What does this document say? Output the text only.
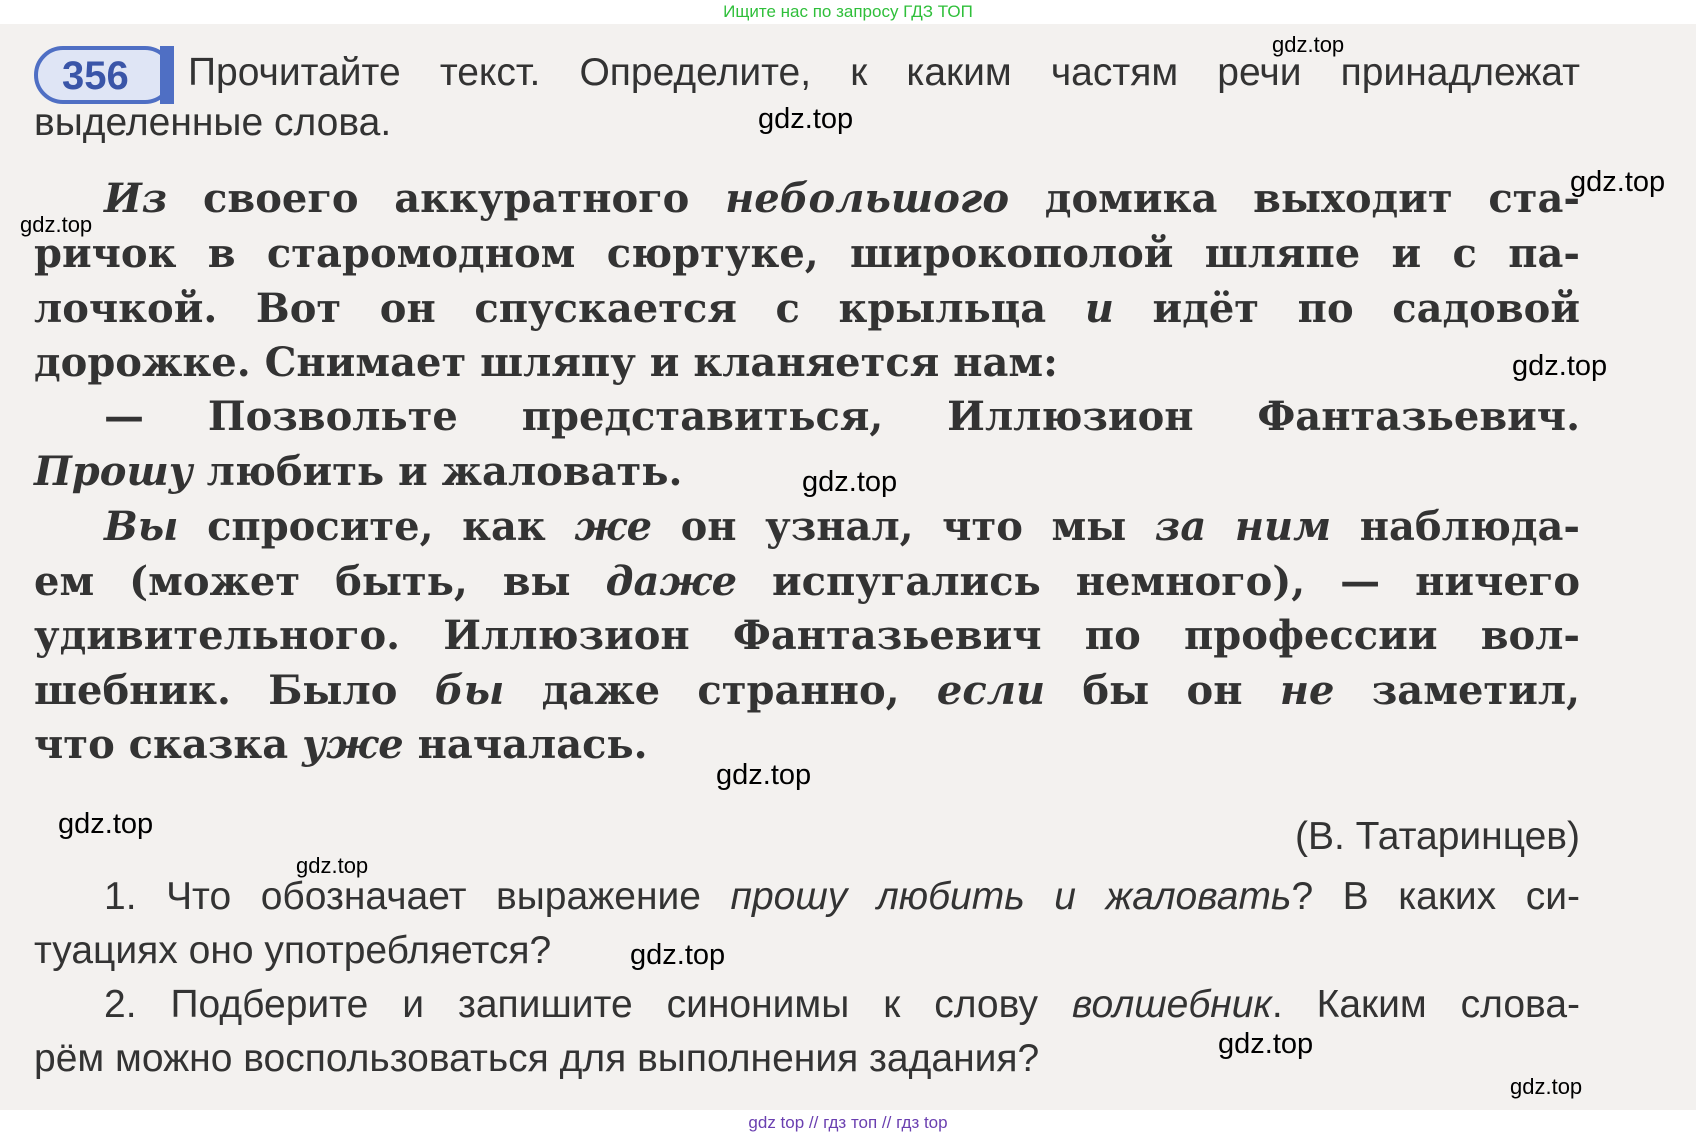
Ищите нас по запросу ГДЗ ТОП
356 Прочитайте текст. Определите, к каким частям речи принадлежат
выделенные слова.
Из своего аккуратного небольшого домика выходит ста-
ричок в старомодном сюртуке, широкополой шляпе и с па-
лочкой. Вот он спускается с крыльца и идёт по садовой
дорожке. Снимает шляпу и кланяется нам:
— Позвольте представиться, Иллюзион Фантазьевич.
Прошу любить и жаловать.
Вы спросите, как же он узнал, что мы за ним наблюда-
ем (может быть, вы даже испугались немного), — ничего
удивительного. Иллюзион Фантазьевич по профессии вол-
шебник. Было бы даже странно, если бы он не заметил,
что сказка уже началась.
(В. Татаринцев)
1. Что обозначает выражение прошу любить и жаловать? В каких си-
туациях оно употребляется?
2. Подберите и запишите синонимы к слову волшебник. Каким слова-
рём можно воспользоваться для выполнения задания?
gdz.top
gdz.top
gdz.top
gdz.top
gdz.top
gdz.top
gdz.top
gdz.top
gdz.top
gdz.top
gdz.top
gdz.top
gdz top // гдз топ // гдз top
